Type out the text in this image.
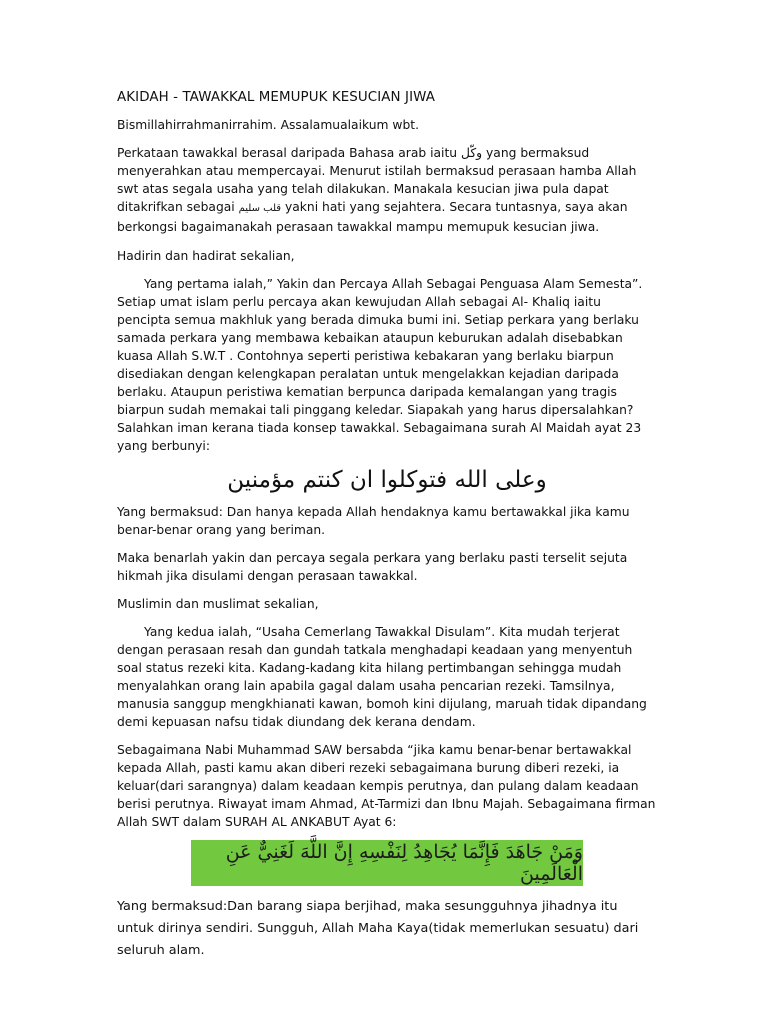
AKIDAH - TAWAKKAL MEMUPUK KESUCIAN JIWA

Bismillahirrahmanirrahim. Assalamualaikum wbt.

Perkataan tawakkal berasal daripada Bahasa arab iaitu وكّل yang bermaksud menyerahkan atau mempercayai. Menurut istilah bermaksud perasaan hamba Allah swt atas segala usaha yang telah dilakukan. Manakala kesucian jiwa pula dapat ditakrifkan sebagai قلب سليم yakni hati yang sejahtera. Secara tuntasnya, saya akan berkongsi bagaimanakah perasaan tawakkal mampu memupuk kesucian jiwa.

Hadirin dan hadirat sekalian,

Yang pertama ialah,” Yakin dan Percaya Allah Sebagai Penguasa Alam Semesta”.

Setiap umat islam perlu percaya akan kewujudan Allah sebagai Al- Khaliq iaitu pencipta semua makhluk yang berada dimuka bumi ini. Setiap perkara yang berlaku samada perkara yang membawa kebaikan ataupun keburukan adalah disebabkan kuasa Allah S.W.T . Contohnya seperti peristiwa kebakaran yang berlaku biarpun disediakan dengan kelengkapan peralatan untuk mengelakkan kejadian daripada berlaku. Ataupun peristiwa kematian berpunca daripada kemalangan yang tragis biarpun sudah memakai tali pinggang keledar. Siapakah yang harus dipersalahkan? Salahkan iman kerana tiada konsep tawakkal. Sebagaimana surah Al Maidah ayat 23 yang berbunyi:

وعلى الله فتوكلوا ان كنتم مؤمنين

Yang bermaksud: Dan hanya kepada Allah hendaknya kamu bertawakkal jika kamu benar-benar orang yang beriman.

Maka benarlah yakin dan percaya segala perkara yang berlaku pasti terselit sejuta hikmah jika disulami dengan perasaan tawakkal.

Muslimin dan muslimat sekalian,

Yang kedua ialah, “Usaha Cemerlang Tawakkal Disulam”. Kita mudah terjerat dengan perasaan resah dan gundah tatkala menghadapi keadaan yang menyentuh soal status rezeki kita. Kadang-kadang kita hilang pertimbangan sehingga mudah menyalahkan orang lain apabila gagal dalam usaha pencarian rezeki. Tamsilnya, manusia sanggup mengkhianati kawan, bomoh kini dijulang, maruah tidak dipandang demi kepuasan nafsu tidak diundang dek kerana dendam.

Sebagaimana Nabi Muhammad SAW bersabda “jika kamu benar-benar bertawakkal kepada Allah, pasti kamu akan diberi rezeki sebagaimana burung diberi rezeki, ia keluar(dari sarangnya) dalam keadaan kempis perutnya, dan pulang dalam keadaan berisi perutnya. Riwayat imam Ahmad, At-Tarmizi dan Ibnu Majah. Sebagaimana firman Allah SWT dalam SURAH AL ANKABUT Ayat 6:

وَمَنْ جَاهَدَ فَإِنَّمَا يُجَاهِدُ لِنَفْسِهِ إِنَّ اللَّهَ لَغَنِيٌّ عَنِ الْعَالَمِينَ

Yang bermaksud:Dan barang siapa berjihad, maka sesungguhnya jihadnya itu untuk dirinya sendiri. Sungguh, Allah Maha Kaya(tidak memerlukan sesuatu) dari seluruh alam.
